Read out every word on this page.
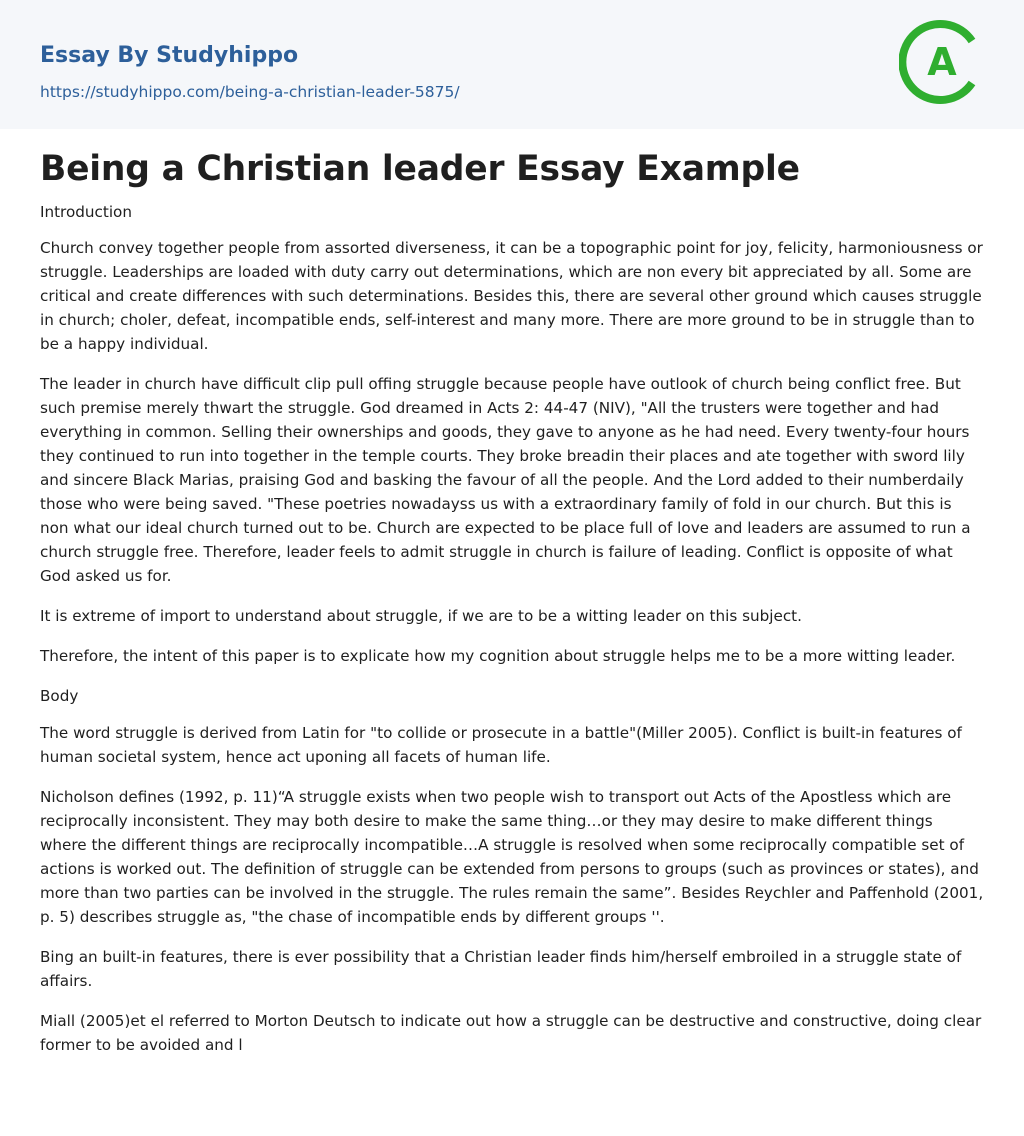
Essay By Studyhippo
https://studyhippo.com/being-a-christian-leader-5875/
A
Being a Christian leader Essay Example

Introduction

Church convey together people from assorted diverseness, it can be a topographic point for joy, felicity, harmoniousness or struggle. Leaderships are loaded with duty carry out determinations, which are non every bit appreciated by all. Some are critical and create differences with such determinations. Besides this, there are several other ground which causes struggle in church; choler, defeat, incompatible ends, self-interest and many more. There are more ground to be in struggle than to be a happy individual.

The leader in church have difficult clip pull offing struggle because people have outlook of church being conflict free. But such premise merely thwart the struggle. God dreamed in Acts 2: 44-47 (NIV), "All the trusters were together and had everything in common. Selling their ownerships and goods, they gave to anyone as he had need. Every twenty-four hours they continued to run into together in the temple courts. They broke breadin their places and ate together with sword lily and sincere Black Marias, praising God and basking the favour of all the people. And the Lord added to their numberdaily those who were being saved. "These poetries nowadayss us with a extraordinary family of fold in our church. But this is non what our ideal church turned out to be. Church are expected to be place full of love and leaders are assumed to run a church struggle free. Therefore, leader feels to admit struggle in church is failure of leading. Conflict is opposite of what God asked us for.

It is extreme of import to understand about struggle, if we are to be a witting leader on this subject.

Therefore, the intent of this paper is to explicate how my cognition about struggle helps me to be a more witting leader.

Body

The word struggle is derived from Latin for "to collide or prosecute in a battle"(Miller 2005). Conflict is built-in features of human societal system, hence act uponing all facets of human life.

Nicholson defines (1992, p. 11)“A struggle exists when two people wish to transport out Acts of the Apostless which are reciprocally inconsistent. They may both desire to make the same thing…or they may desire to make different things where the different things are reciprocally incompatible…A struggle is resolved when some reciprocally compatible set of actions is worked out. The definition of struggle can be extended from persons to groups (such as provinces or states), and more than two parties can be involved in the struggle. The rules remain the same”. Besides Reychler and Paffenhold (2001, p. 5) describes struggle as, "the chase of incompatible ends by different groups ''.

Bing an built-in features, there is ever possibility that a Christian leader finds him/herself embroiled in a struggle state of affairs.

Miall (2005)et el referred to Morton Deutsch to indicate out how a struggle can be destructive and constructive, doing clear former to be avoided and l
